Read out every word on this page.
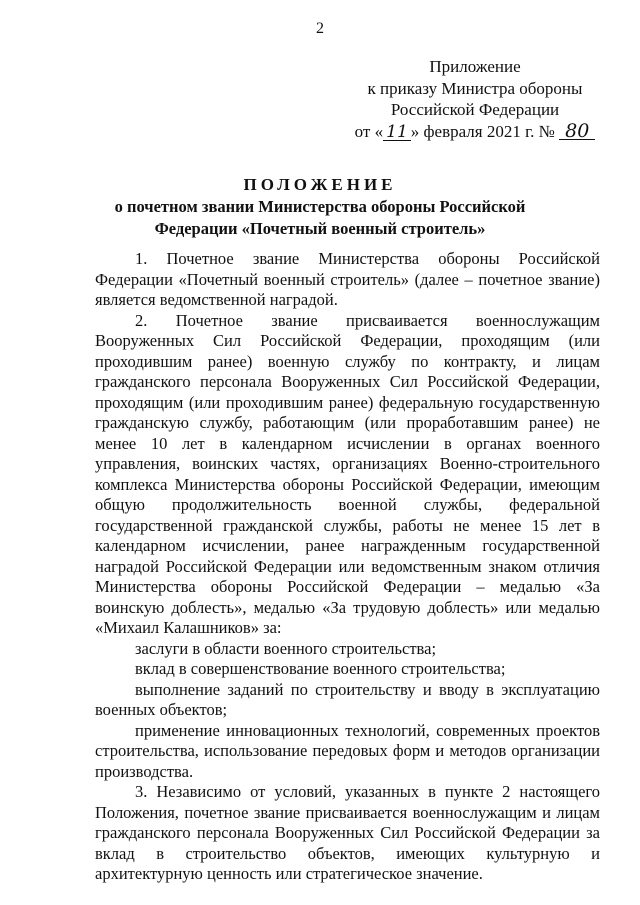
2
Приложение
к приказу Министра обороны
Российской Федерации
от « 11 » февраля 2021 г. № 80
ПОЛОЖЕНИЕ
о почетном звании Министерства обороны Российской Федерации «Почетный военный строитель»

1. Почетное звание Министерства обороны Российской Федерации «Почетный военный строитель» (далее – почетное звание) является ведомственной наградой.

2. Почетное звание присваивается военнослужащим Вооруженных Сил Российской Федерации, проходящим (или проходившим ранее) военную службу по контракту, и лицам гражданского персонала Вооруженных Сил Российской Федерации, проходящим (или проходившим ранее) федеральную государственную гражданскую службу, работающим (или проработавшим ранее) не менее 10 лет в календарном исчислении в органах военного управления, воинских частях, организациях Военно-строительного комплекса Министерства обороны Российской Федерации, имеющим общую продолжительность военной службы, федеральной государственной гражданской службы, работы не менее 15 лет в календарном исчислении, ранее награжденным государственной наградой Российской Федерации или ведомственным знаком отличия Министерства обороны Российской Федерации – медалью «За воинскую доблесть», медалью «За трудовую доблесть» или медалью «Михаил Калашников» за:

заслуги в области военного строительства;

вклад в совершенствование военного строительства;

выполнение заданий по строительству и вводу в эксплуатацию военных объектов;

применение инновационных технологий, современных проектов строительства, использование передовых форм и методов организации производства.

3. Независимо от условий, указанных в пункте 2 настоящего Положения, почетное звание присваивается военнослужащим и лицам гражданского персонала Вооруженных Сил Российской Федерации за вклад в строительство объектов, имеющих культурную и архитектурную ценность или стратегическое значение.
